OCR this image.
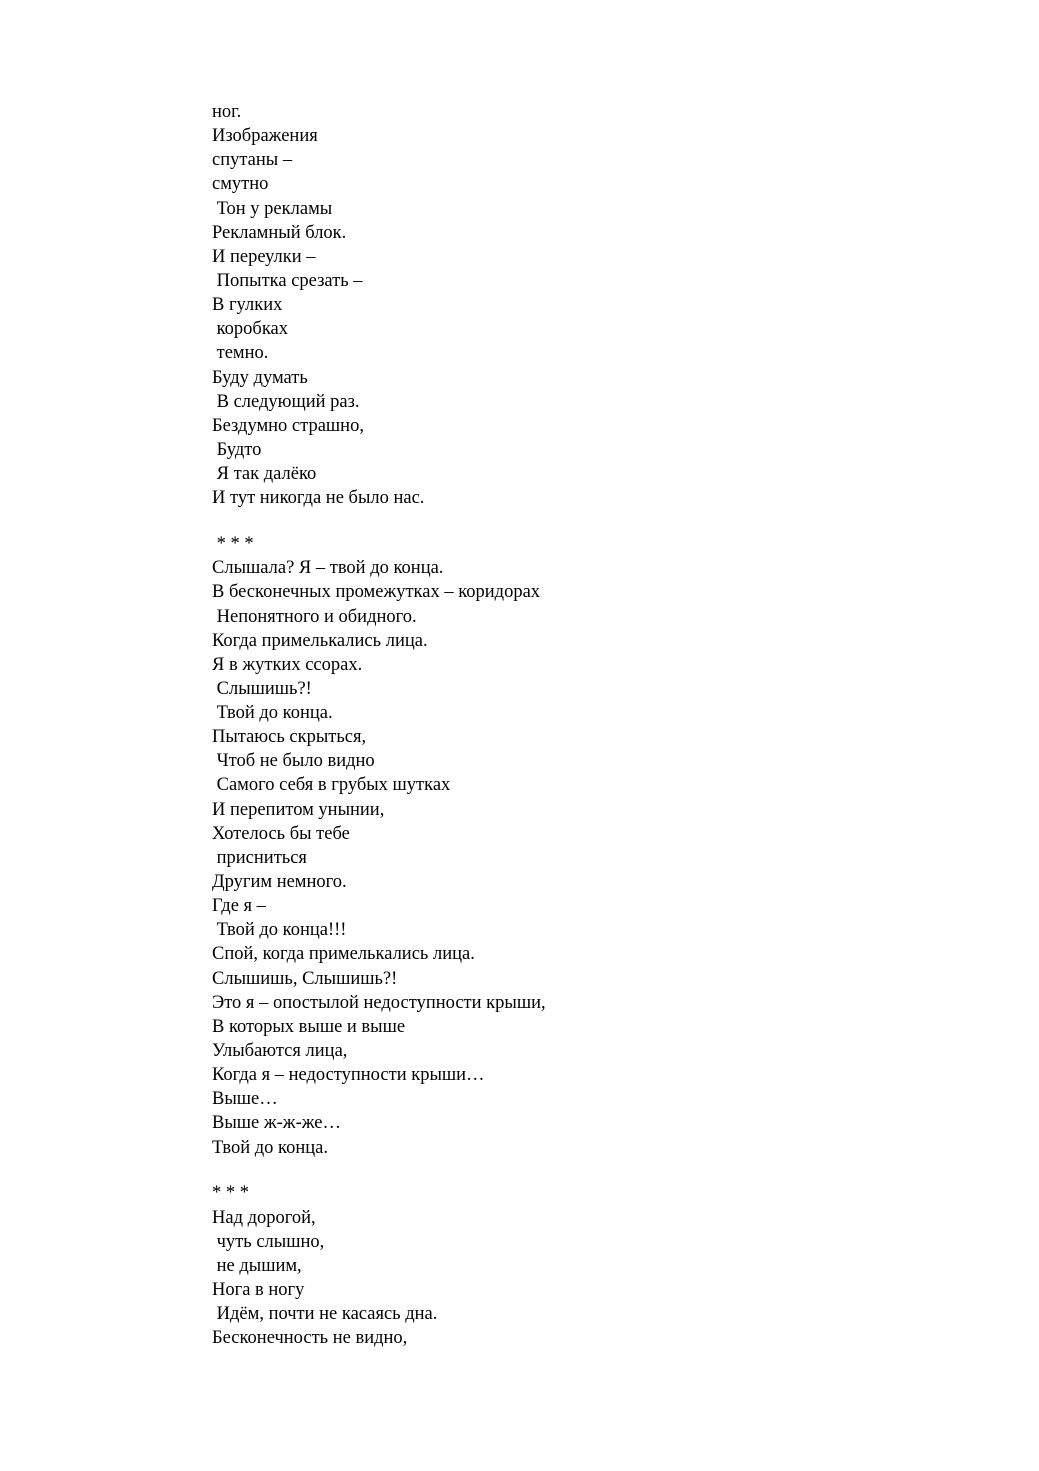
ног.
Изображения
спутаны –
смутно
Тон у рекламы
Рекламный блок.
И переулки –
Попытка срезать –
В гулких
коробках
темно.
Буду думать
В следующий раз.
Бездумно страшно,
Будто
Я так далёко
И тут никогда не было нас.
* * *
Слышала? Я – твой до конца.
В бесконечных промежутках – коридорах
Непонятного и обидного.
Когда примелькались лица.
Я в жутких ссорах.
Слышишь?!
Твой до конца.
Пытаюсь скрыться,
Чтоб не было видно
Самого себя в грубых шутках
И перепитом унынии,
Хотелось бы тебе
присниться
Другим немного.
Где я –
Твой до конца!!!
Спой, когда примелькались лица.
Слышишь, Слышишь?!
Это я – опостылой недоступности крыши,
В которых выше и выше
Улыбаются лица,
Когда я – недоступности крыши…
Выше…
Выше ж-ж-же…
Твой до конца.
* * *
Над дорогой,
чуть слышно,
не дышим,
Нога в ногу
Идём, почти не касаясь дна.
Бесконечность не видно,
